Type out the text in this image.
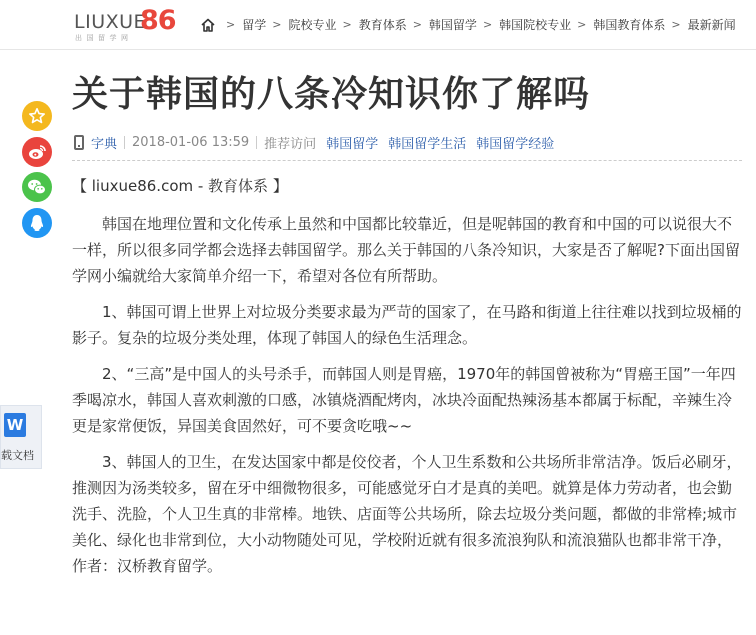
LIUXUE
86
出国留学网
> 留学 > 院校专业 > 教育体系 > 韩国留学 > 韩国院校专业 > 韩国教育体系 > 最新新闻
关于韩国的八条冷知识你了解吗
字典 2018-01-06 13:59 推荐访问 韩国留学 韩国留学生活 韩国留学经验
【 liuxue86.com - 教育体系 】

韩国在地理位置和文化传承上虽然和中国都比较靠近，但是呢韩国的教育和中国的可以说很大不一样，所以很多同学都会选择去韩国留学。那么关于韩国的八条冷知识，大家是否了解呢?下面出国留学网小编就给大家简单介绍一下，希望对各位有所帮助。

1、韩国可谓上世界上对垃圾分类要求最为严苛的国家了，在马路和街道上往往难以找到垃圾桶的影子。复杂的垃圾分类处理，体现了韩国人的绿色生活理念。

2、“三高”是中国人的头号杀手，而韩国人则是胃癌，1970年的韩国曾被称为“胃癌王国”一年四季喝凉水，韩国人喜欢刺激的口感，冰镇烧酒配烤肉，冰块冷面配热辣汤基本都属于标配，辛辣生冷更是家常便饭，异国美食固然好，可不要贪吃哦~~

3、韩国人的卫生，在发达国家中都是佼佼者，个人卫生系数和公共场所非常洁净。饭后必刷牙，推测因为汤类较多，留在牙中细微物很多，可能感觉牙白才是真的美吧。就算是体力劳动者，也会勤洗手、洗脸，个人卫生真的非常棒。地铁、店面等公共场所，除去垃圾分类问题，都做的非常棒;城市美化、绿化也非常到位，大小动物随处可见，学校附近就有很多流浪狗队和流浪猫队也都非常干净，作者：汉桥教育留学。

W
载文档
